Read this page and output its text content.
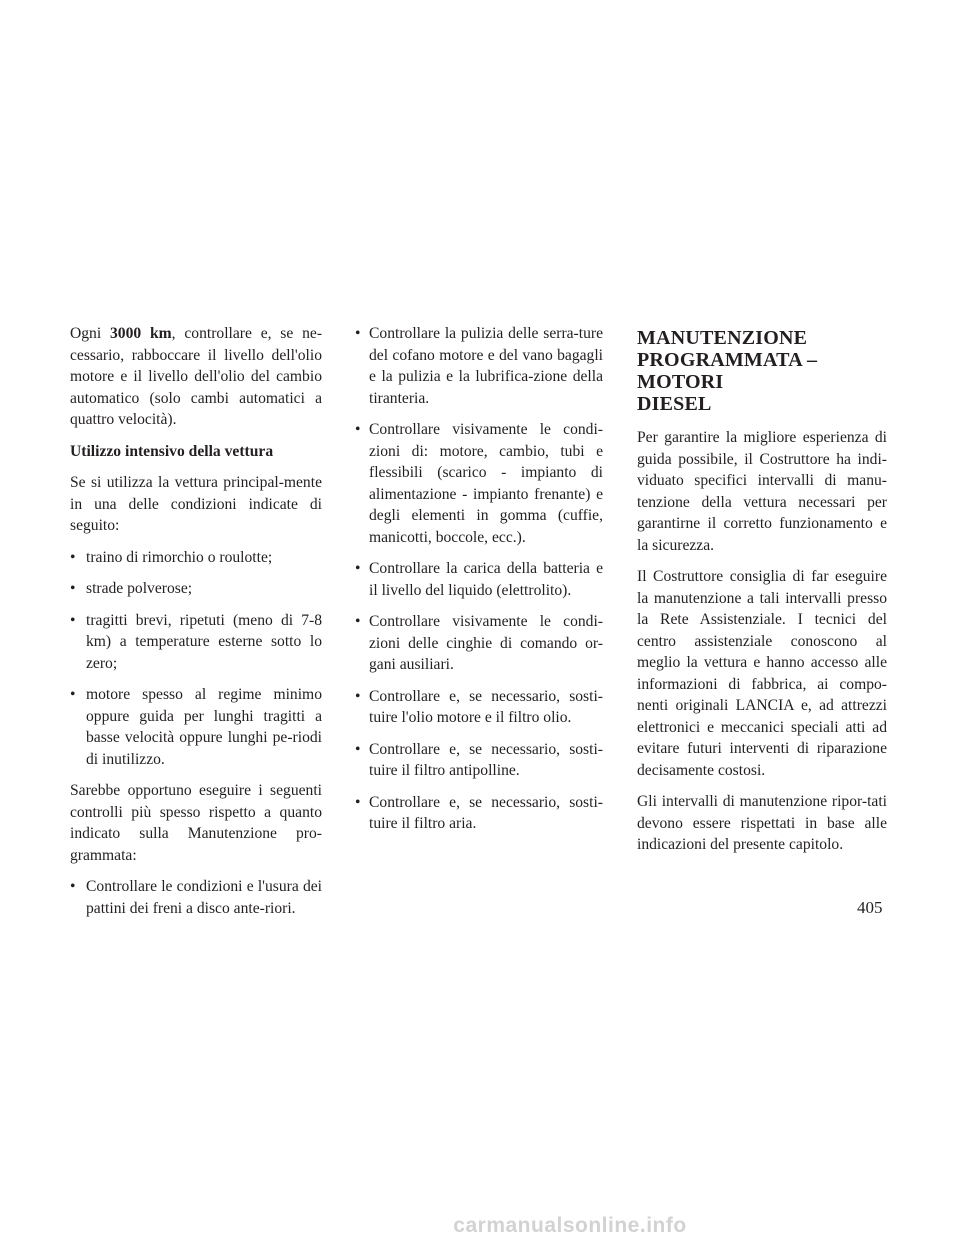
Ogni 3000 km, controllare e, se ne-cessario, rabboccare il livello dell'olio motore e il livello dell'olio del cambio automatico (solo cambi automatici a quattro velocità).

Utilizzo intensivo della vettura

Se si utilizza la vettura principal-mente in una delle condizioni indicate di seguito:

• traino di rimorchio o roulotte;
• strade polverose;
• tragitti brevi, ripetuti (meno di 7-8 km) a temperature esterne sotto lo zero;
• motore spesso al regime minimo oppure guida per lunghi tragitti a basse velocità oppure lunghi pe-riodi di inutilizzo.

Sarebbe opportuno eseguire i seguenti controlli più spesso rispetto a quanto indicato sulla Manutenzione pro-grammata:

• Controllare le condizioni e l'usura dei pattini dei freni a disco ante-riori.
• Controllare la pulizia delle serra-ture del cofano motore e del vano bagagli e la pulizia e la lubrifica-zione della tiranteria.
• Controllare visivamente le condi-zioni di: motore, cambio, tubi e flessibili (scarico - impianto di alimentazione - impianto frenante) e degli elementi in gomma (cuffie, manicotti, boccole, ecc.).
• Controllare la carica della batteria e il livello del liquido (elettrolito).
• Controllare visivamente le condi-zioni delle cinghie di comando or-gani ausiliari.
• Controllare e, se necessario, sosti-tuire l'olio motore e il filtro olio.
• Controllare e, se necessario, sosti-tuire il filtro antipolline.
• Controllare e, se necessario, sosti-tuire il filtro aria.
MANUTENZIONE
PROGRAMMATA – MOTORI
DIESEL

Per garantire la migliore esperienza di guida possibile, il Costruttore ha indi-viduato specifici intervalli di manu-tenzione della vettura necessari per garantirne il corretto funzionamento e la sicurezza.

Il Costruttore consiglia di far eseguire la manutenzione a tali intervalli presso la Rete Assistenziale. I tecnici del centro assistenziale conoscono al meglio la vettura e hanno accesso alle informazioni di fabbrica, ai compo-nenti originali LANCIA e, ad attrezzi elettronici e meccanici speciali atti ad evitare futuri interventi di riparazione decisamente costosi.

Gli intervalli di manutenzione ripor-tati devono essere rispettati in base alle indicazioni del presente capitolo.

405
carmanualsonline.info
